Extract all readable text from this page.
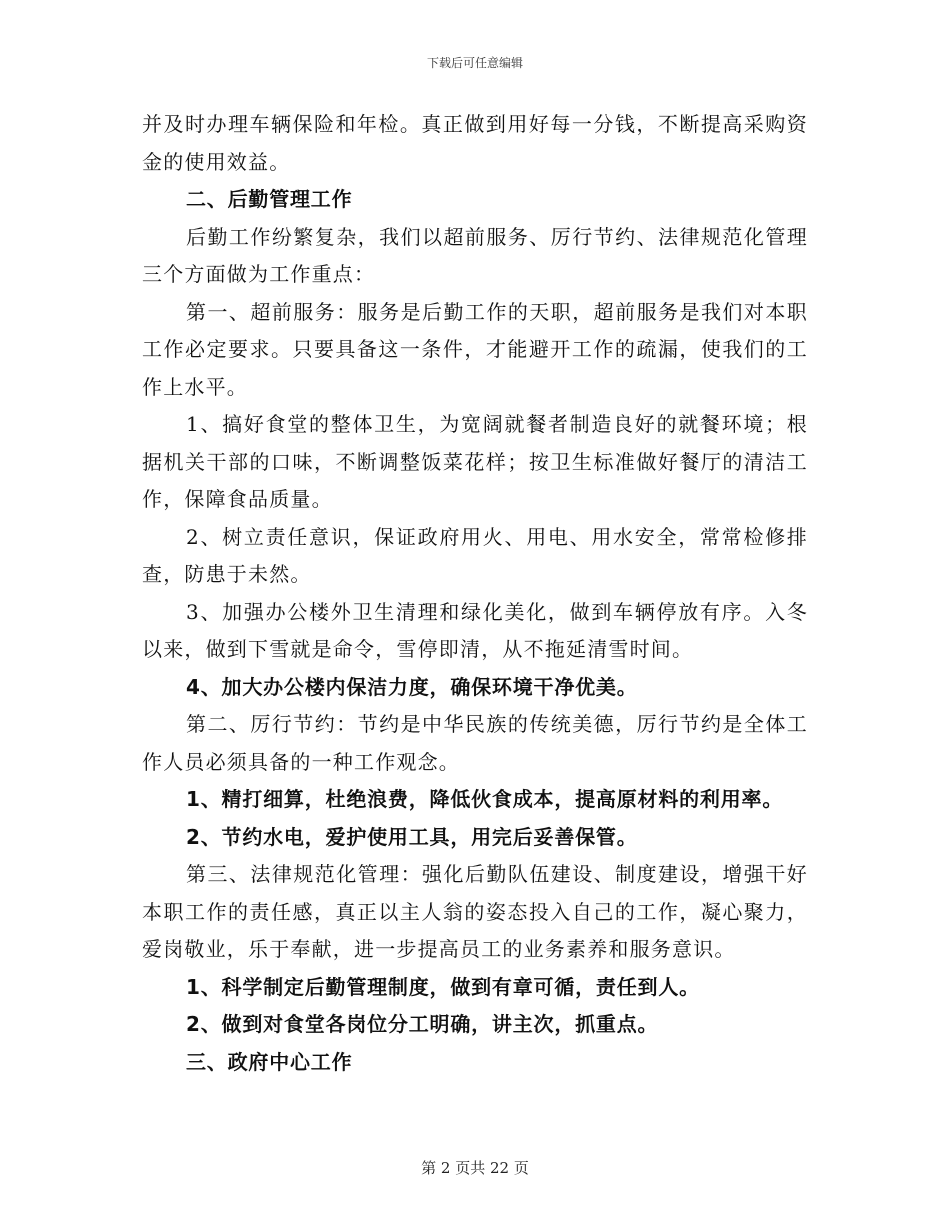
下载后可任意编辑

并及时办理车辆保险和年检。真正做到用好每一分钱，不断提高采购资金的使用效益。

二、后勤管理工作

后勤工作纷繁复杂，我们以超前服务、厉行节约、法律规范化管理三个方面做为工作重点：

第一、超前服务：服务是后勤工作的天职，超前服务是我们对本职工作必定要求。只要具备这一条件，才能避开工作的疏漏，使我们的工作上水平。

1、搞好食堂的整体卫生，为宽阔就餐者制造良好的就餐环境；根据机关干部的口味，不断调整饭菜花样；按卫生标准做好餐厅的清洁工作，保障食品质量。

2、树立责任意识，保证政府用火、用电、用水安全，常常检修排查，防患于未然。

3、加强办公楼外卫生清理和绿化美化，做到车辆停放有序。入冬以来，做到下雪就是命令，雪停即清，从不拖延清雪时间。

4、加大办公楼内保洁力度，确保环境干净优美。

第二、厉行节约：节约是中华民族的传统美德，厉行节约是全体工作人员必须具备的一种工作观念。

1、精打细算，杜绝浪费，降低伙食成本，提高原材料的利用率。

2、节约水电，爱护使用工具，用完后妥善保管。

第三、法律规范化管理：强化后勤队伍建设、制度建设，增强干好本职工作的责任感，真正以主人翁的姿态投入自己的工作，凝心聚力，爱岗敬业，乐于奉献，进一步提高员工的业务素养和服务意识。

1、科学制定后勤管理制度，做到有章可循，责任到人。

2、做到对食堂各岗位分工明确，讲主次，抓重点。

三、政府中心工作

第 2 页共 22 页
